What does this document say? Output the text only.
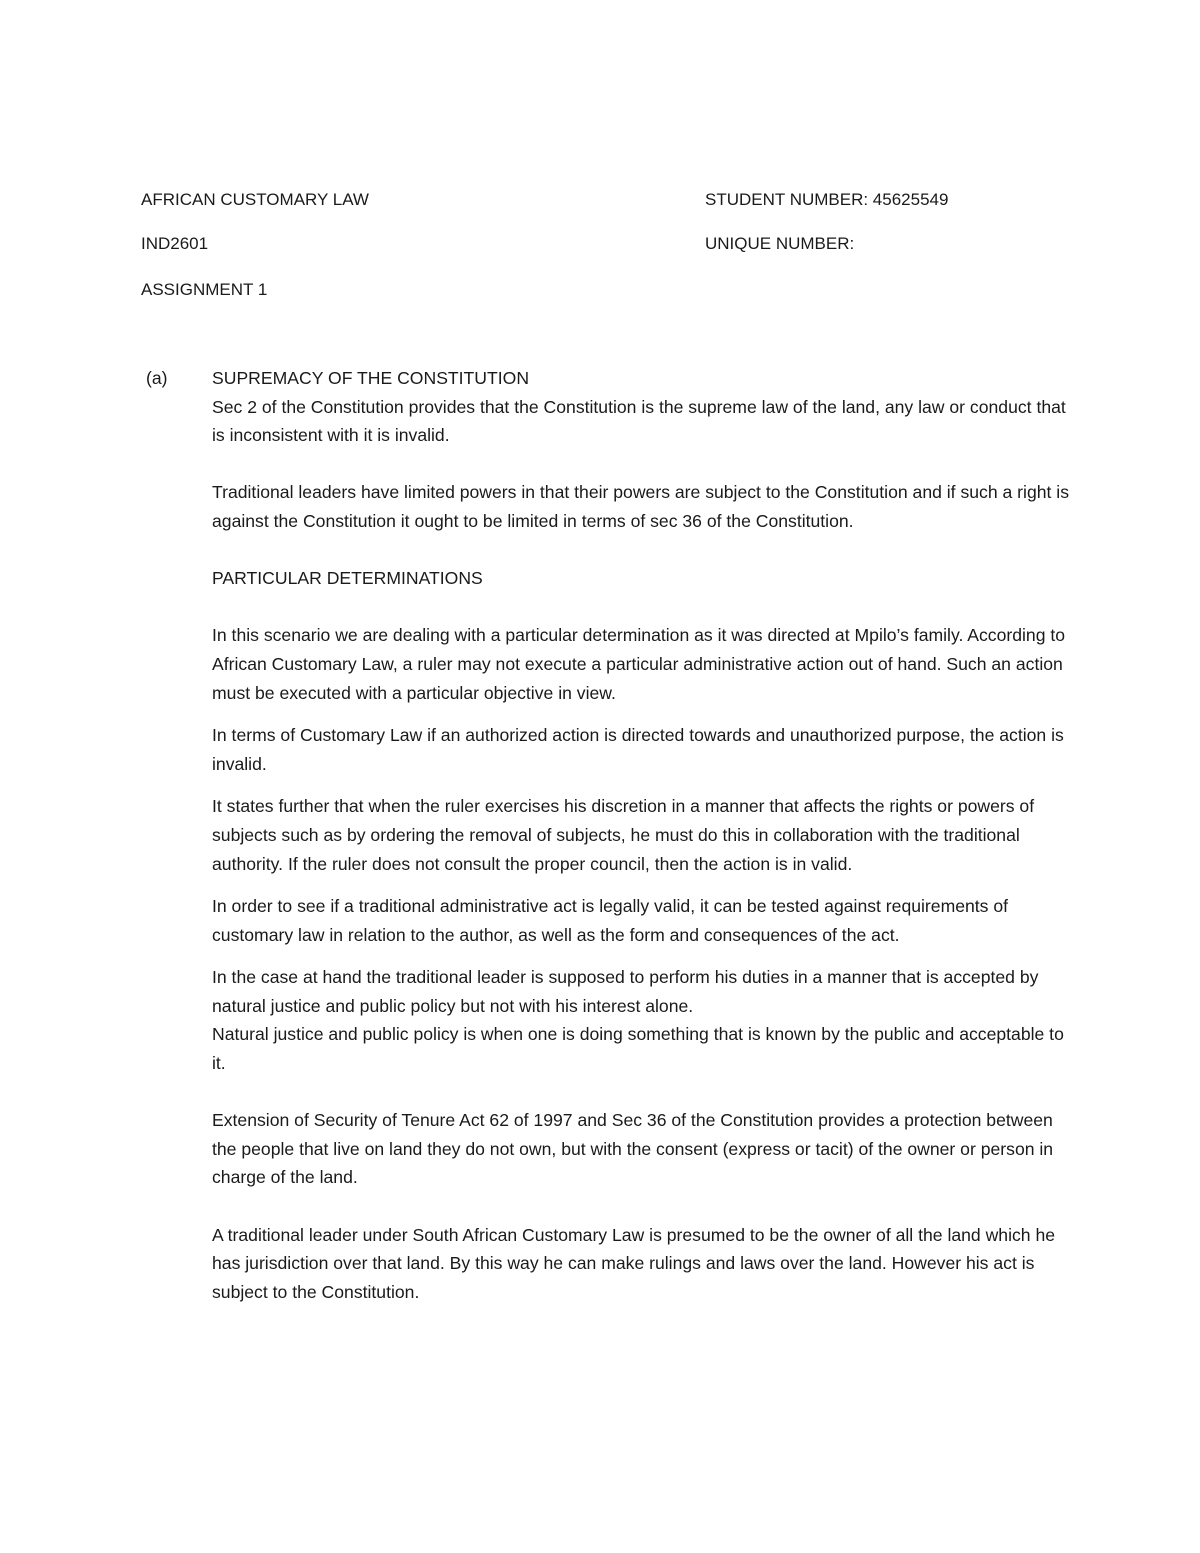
AFRICAN CUSTOMARY LAW	STUDENT NUMBER: 45625549
IND2601	UNIQUE NUMBER:
ASSIGNMENT 1

(a)	SUPREMACY OF THE CONSTITUTION

Sec 2 of the Constitution provides that the Constitution is the supreme law of the land, any law or conduct that is inconsistent with it is invalid.

Traditional leaders have limited powers in that their powers are subject to the Constitution and if such a right is against the Constitution it ought to be limited in terms of sec 36 of the Constitution.

PARTICULAR DETERMINATIONS

In this scenario we are dealing with a particular determination as it was directed at Mpilo’s family. According to African Customary Law, a ruler may not execute a particular administrative action out of hand. Such an action must be executed with a particular objective in view.

In terms of Customary Law if an authorized action is directed towards and unauthorized purpose, the action is invalid.

It states further that when the ruler exercises his discretion in a manner that affects the rights or powers of subjects such as by ordering the removal of subjects, he must do this in collaboration with the traditional authority. If the ruler does not consult the proper council, then the action is in valid.

In order to see if a traditional administrative act is legally valid, it can be tested against requirements of customary law in relation to the author, as well as the form and consequences of the act.

In the case at hand the traditional leader is supposed to perform his duties in a manner that is accepted by natural justice and public policy but not with his interest alone.

Natural justice and public policy is when one is doing something that is known by the public and acceptable to it.

Extension of Security of Tenure Act 62 of 1997 and Sec 36 of the Constitution provides a protection between the people that live on land they do not own, but with the consent (express or tacit) of the owner or person in charge of the land.

A traditional leader under South African Customary Law is presumed to be the owner of all the land which he has jurisdiction over that land. By this way he can make rulings and laws over the land. However his act is subject to the Constitution.
